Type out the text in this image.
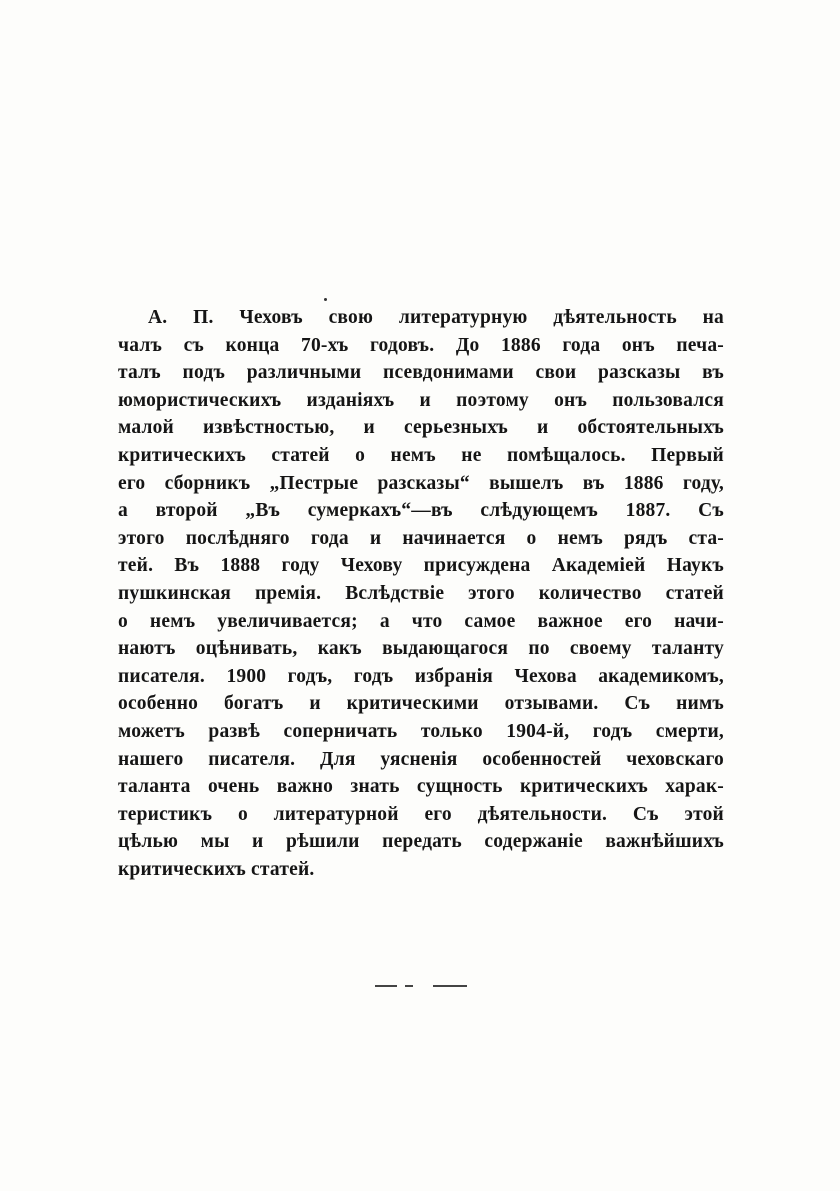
А. П. Чеховъ свою литературную дѣятельность на
чалъ съ конца 70-хъ годовъ. До 1886 года онъ печа-
талъ подъ различными псевдонимами свои разсказы въ
юмористическихъ изданіяхъ и поэтому онъ пользовался
малой извѣстностью, и серьезныхъ и обстоятельныхъ
критическихъ статей о немъ не помѣщалось. Первый
его сборникъ „Пестрые разсказы“ вышелъ въ 1886 году,
а второй „Въ сумеркахъ“—въ слѣдующемъ 1887. Съ
этого послѣдняго года и начинается о немъ рядъ ста-
тей. Въ 1888 году Чехову присуждена Академіей Наукъ
пушкинская премія. Вслѣдствіе этого количество статей
о немъ увеличивается; а что самое важное его начи-
наютъ оцѣнивать, какъ выдающагося по своему таланту
писателя. 1900 годъ, годъ избранія Чехова академикомъ,
особенно богатъ и критическими отзывами. Съ нимъ
можетъ развѣ соперничать только 1904-й, годъ смерти,
нашего писателя. Для уясненія особенностей чеховскаго
таланта очень важно знать сущность критическихъ харак-
теристикъ о литературной его дѣятельности. Съ этой
цѣлью мы и рѣшили передать содержаніе важнѣйшихъ
критическихъ статей.
